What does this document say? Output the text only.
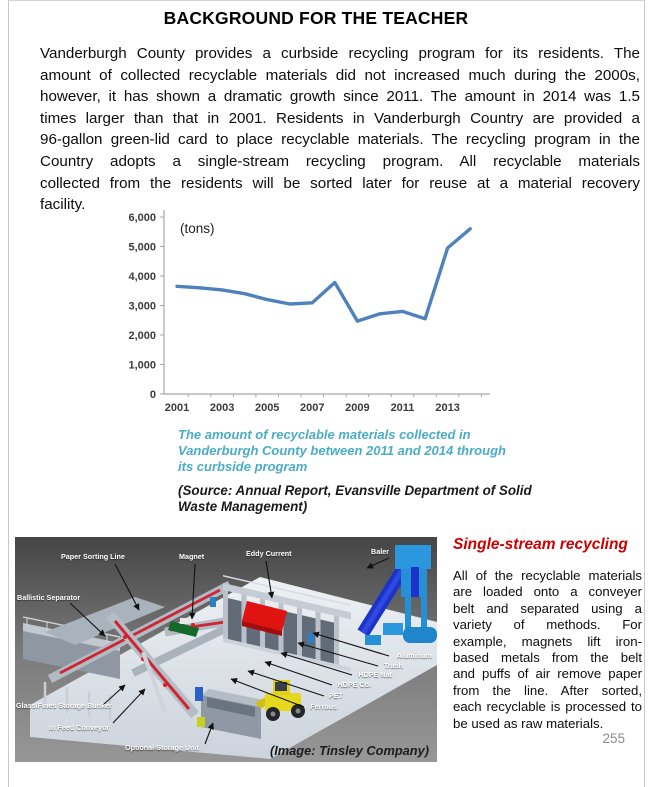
BACKGROUND FOR THE TEACHER
Vanderburgh County provides a curbside recycling program for its residents. The
amount of collected recyclable materials did not increased much during the 2000s,
however, it has shown a dramatic growth since 2011. The amount in 2014 was 1.5
times larger than that in 2001. Residents in Vanderburgh Country are provided a
96-gallon green-lid card to place recyclable materials. The recycling program in the
Country adopts a single-stream recycling program. All recyclable materials
collected from the residents will be sorted later for reuse at a material recovery
facility.
0
1,000
2,000
3,000
4,000
5,000
6,000
2001 2003 2005 2007 2009 2011 2013
(tons)
The amount of recyclable materials collected in
Vanderburgh County between 2011 and 2014 through
its curbside program
(Source: Annual Report, Evansville Department of Solid
Waste Management)
Paper Sorting Line	Magnet	Eddy Current	Baler
Ballistic Separator
Glass/Fines Storage Bunker
In Feed Conveyor
Optional Storage Unit
Aluminum
Trash
HDPE Nat
HDPE Col
PET
Ferrous
(Image: Tinsley Company)
Single-stream recycling
All of the recyclable materials
are loaded onto a conveyer
belt and separated using a
variety of methods. For
example, magnets lift iron-
based metals from the belt
and puffs of air remove paper
from the line. After sorted,
each recyclable is processed to
be used as raw materials.
255
